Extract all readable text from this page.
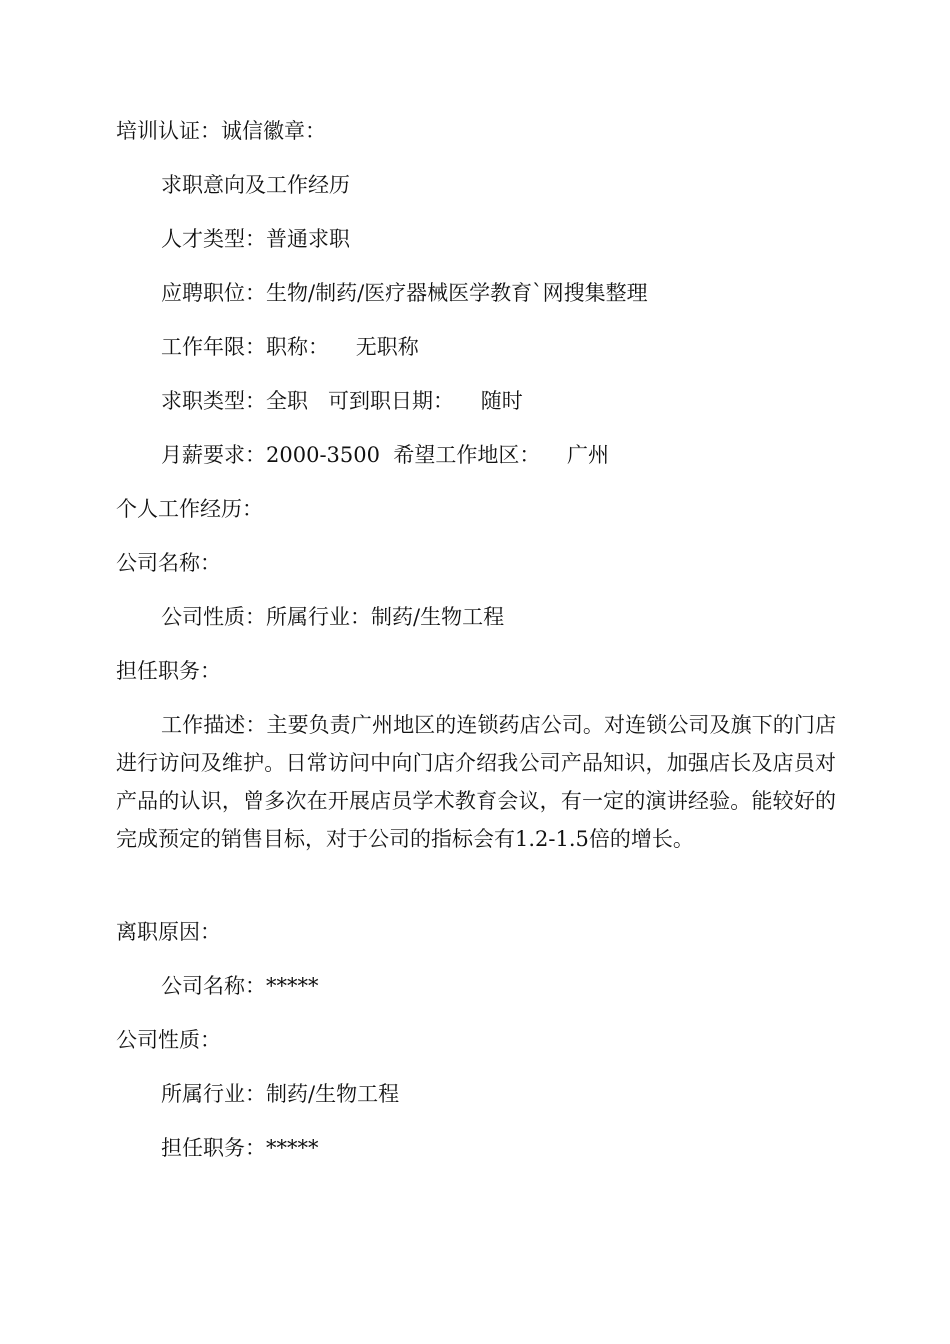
培训认证：诚信徽章：
求职意向及工作经历
人才类型：普通求职
应聘职位：生物/制药/医疗器械医学教育`网搜集整理
工作年限：职称：    无职称
求职类型：全职   可到职日期：    随时
月薪要求：2000-3500  希望工作地区：    广州
个人工作经历：
公司名称：
公司性质：所属行业：制药/生物工程
担任职务：
工作描述：主要负责广州地区的连锁药店公司。对连锁公司及旗下的门店进行访问及维护。日常访问中向门店介绍我公司产品知识，加强店长及店员对产品的认识，曾多次在开展店员学术教育会议，有一定的演讲经验。能较好的完成预定的销售目标，对于公司的指标会有1.2-1.5倍的增长。
离职原因：
公司名称：*****
公司性质：
所属行业：制药/生物工程
担任职务：*****
